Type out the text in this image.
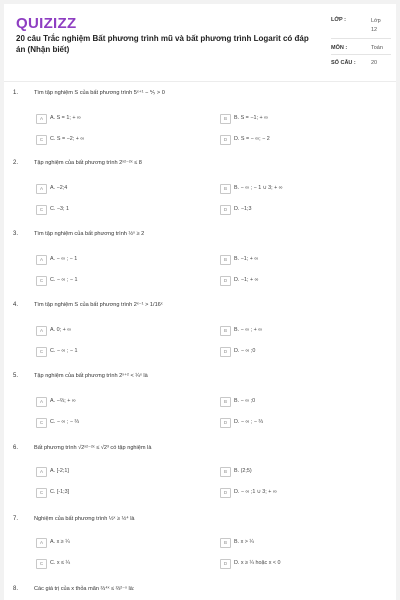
QUIZIZZ
20 câu Trắc nghiệm Bất phương trình mũ và bất phương trình Logarit có đáp án (Nhận biết)
LỚP :	Lớp 12
MÔN :	Toán
SỐ CÂU :	20
1.	Tìm tập nghiệm S của bất phương trình 5ˣ⁺¹ − ⅕ > 0
A	A. S = 1; + ∞	B	B. S = −1; + ∞
C	C. S = −2; + ∞	D	D. S = − ∞; − 2
2.	Tập nghiệm của bất phương trình 2ˣ²⁻²ˣ ≤ 8
A	A. −2;4	B	B. − ∞ ; − 1 ∪ 3; + ∞
C	C. −3; 1	D	D. −1;3
3.	Tìm tập nghiệm của bất phương trình ½ˣ ≥ 2
A	A. − ∞ ; − 1	B	B. −1; + ∞
C	C. − ∞ ; − 1	D	D. −1; + ∞
4.	Tìm tập nghiệm S của bất phương trình 2ˣ⁻¹ > 1/16ˣ
A	A. 0; + ∞	B	B. − ∞ ; + ∞
C	C. − ∞ ; − 1	D	D. − ∞ ;0
5.	Tập nghiệm của bất phương trình 2ˣ⁺² < ¼ˣ là
A	A. −⅔; + ∞	B	B. − ∞ ;0
C	C. − ∞ ; − ⅔	D	D. − ∞ ; − ⅔
6.	Bất phương trình √2ˣ²⁻²ˣ ≤ √2³ có tập nghiệm là
A	A. [-2;1]	B	B. (2;5)
C	C. [-1;3]	D	D. − ∞ ;1 ∪ 3; + ∞
7.	Nghiệm của bất phương trình ½ˣ ≥ ½⁴ là
A	A. x ≥ ¼	B	B. x > ¼
C	C. x ≤ ¼	D	D. x ≥ ¼ hoặc x < 0
8.	Các giá trị của x thỏa mãn ⅔⁴ˣ ≤ ⅔²⁻ˣ là:
